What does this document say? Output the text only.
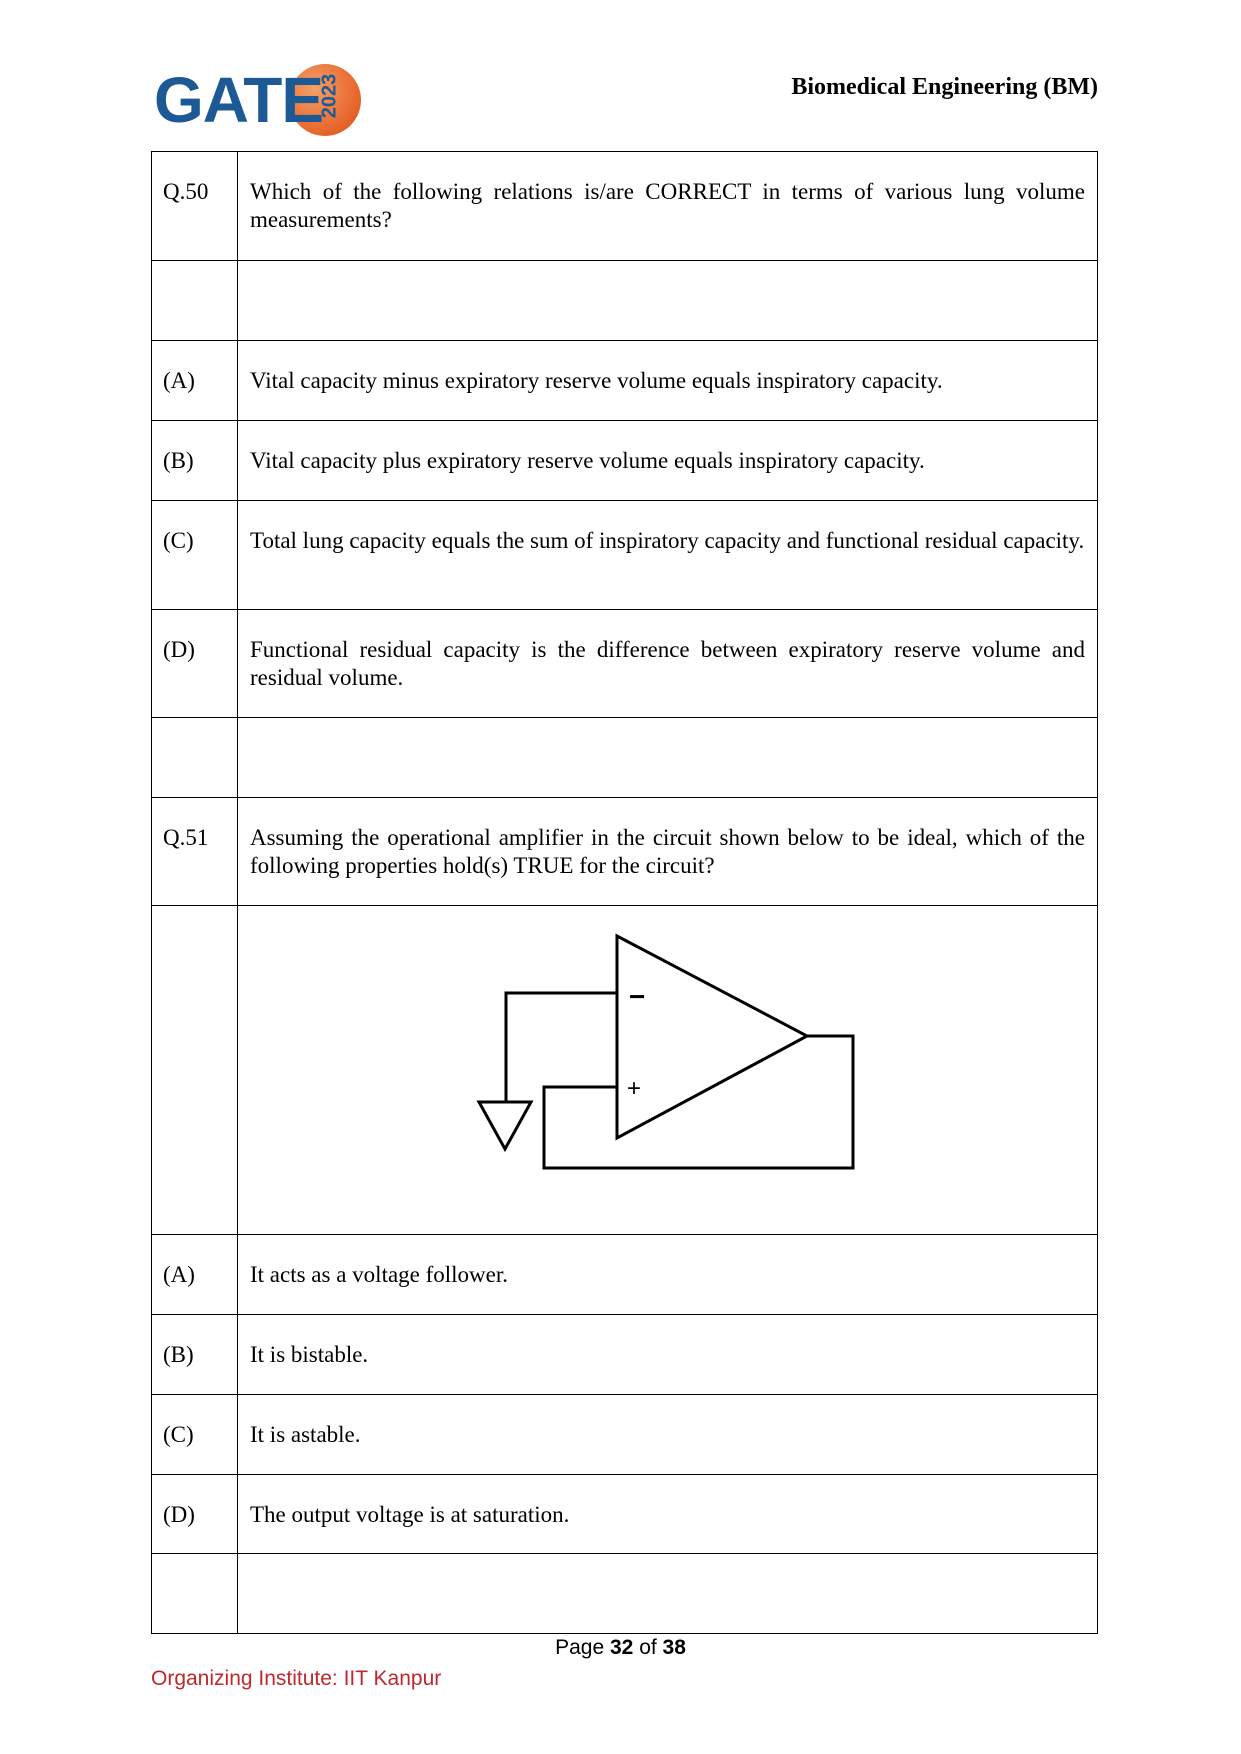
GATE
2023	Biomedical Engineering (BM)
Q.50	Which of the following relations is/are CORRECT in terms of various lung volume measurements?

(A)	Vital capacity minus expiratory reserve volume equals inspiratory capacity.
(B)	Vital capacity plus expiratory reserve volume equals inspiratory capacity.
(C)	Total lung capacity equals the sum of inspiratory capacity and functional residual capacity.
(D)	Functional residual capacity is the difference between expiratory reserve volume and residual volume.

Q.51	Assuming the operational amplifier in the circuit shown below to be ideal, which of the following properties hold(s) TRUE for the circuit?

−
+

(A)	It acts as a voltage follower.
(B)	It is bistable.
(C)	It is astable.
(D)	The output voltage is at saturation.

Page 32 of 38
Organizing Institute: IIT Kanpur
